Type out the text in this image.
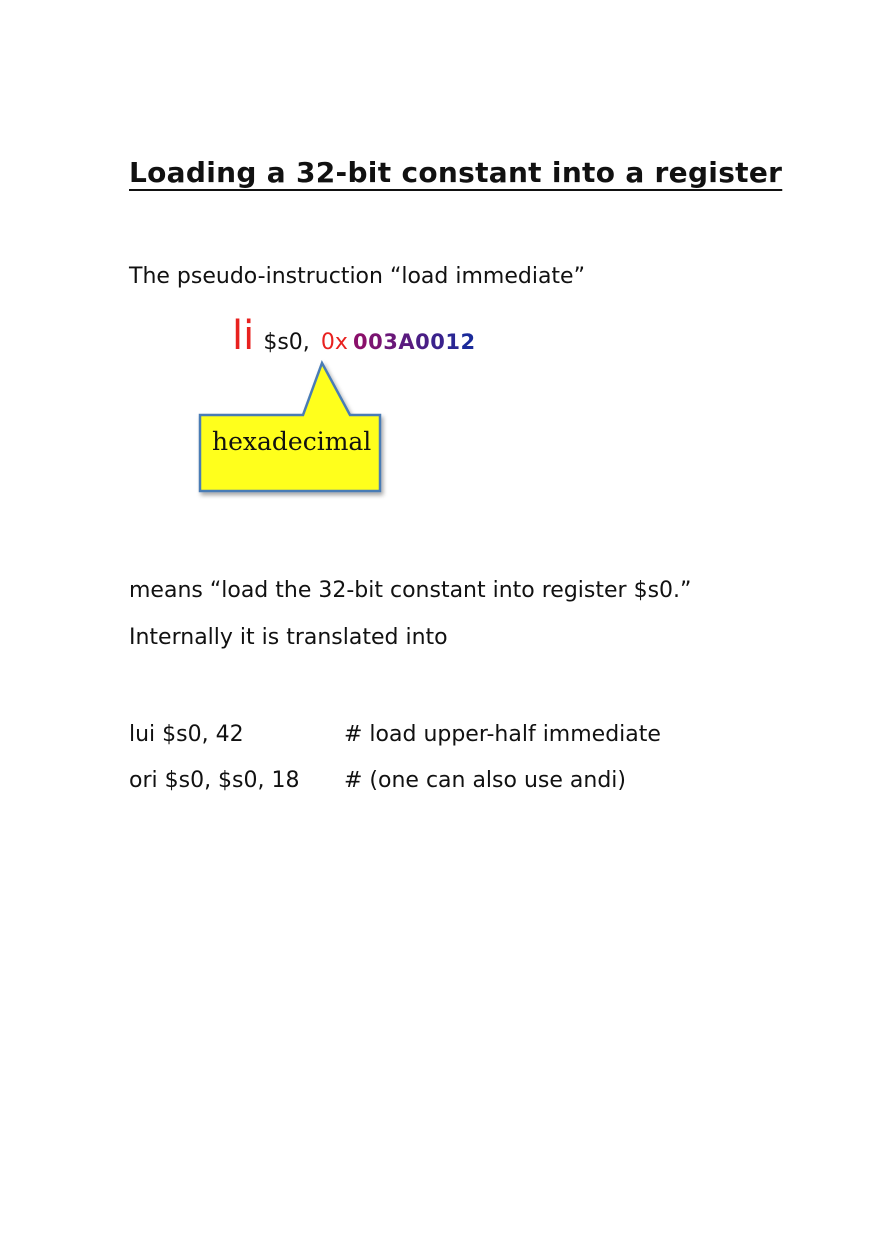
Loading a 32-bit constant into a register
The pseudo-instruction “load immediate”
li $s0, 0x 003A0012
hexadecimal
means “load the 32-bit constant into register $s0.”
Internally it is translated into
lui $s0, 42	# load upper-half immediate
ori $s0, $s0, 18 # (one can also use andi)
